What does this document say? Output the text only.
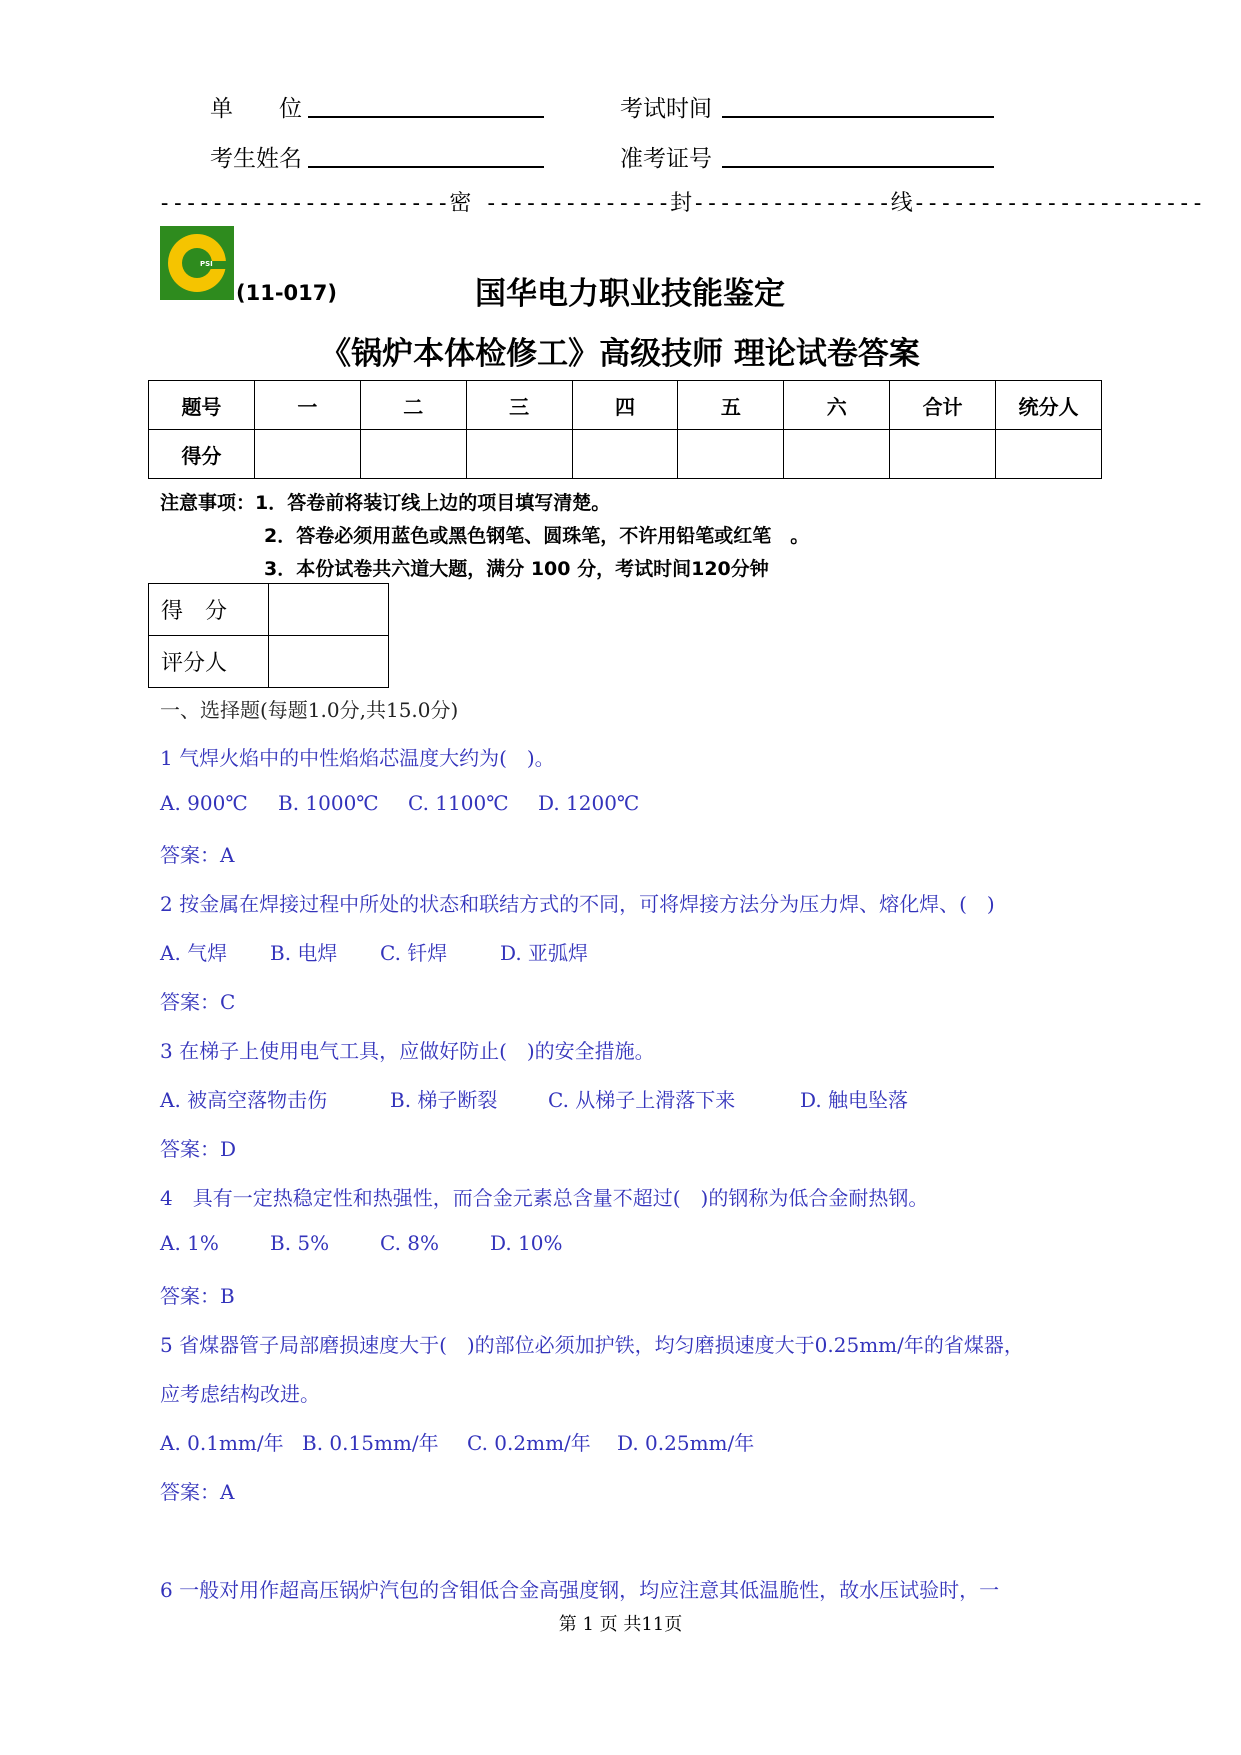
单　　位	考试时间
考生姓名	准考证号
----------------------密 --------------封---------------线----------------------
PSI
(11-017)	国华电力职业技能鉴定
《锅炉本体检修工》高级技师 理论试卷答案
题号	一	二	三	四	五	六	合计	统分人
得分								
注意事项：1．答卷前将装订线上边的项目填写清楚。
2．答卷必须用蓝色或黑色钢笔、圆珠笔，不许用铅笔或红笔　。
3．本份试卷共六道大题，满分 100 分，考试时间120分钟
得　分	
评分人	
一、选择题(每题1.0分,共15.0分)
1 气焊火焰中的中性焰焰芯温度大约为(　)。
A. 900℃ B. 1000℃ C. 1100℃ D. 1200℃
答案：A
2 按金属在焊接过程中所处的状态和联结方式的不同，可将焊接方法分为压力焊、熔化焊、(　)
A. 气焊 B. 电焊 C. 钎焊	D. 亚弧焊
答案：C
3 在梯子上使用电气工具，应做好防止(　)的安全措施。
A. 被高空落物击伤	B. 梯子断裂	C. 从梯子上滑落下来	D. 触电坠落
答案：D
4　具有一定热稳定性和热强性，而合金元素总含量不超过(　)的钢称为低合金耐热钢。
A. 1%	B. 5%	C. 8%	D. 10%
答案：B
5 省煤器管子局部磨损速度大于(　)的部位必须加护铁，均匀磨损速度大于0.25mm/年的省煤器，
应考虑结构改进。
A. 0.1mm/年 B. 0.15mm/年 C. 0.2mm/年 D. 0.25mm/年
答案：A
6 一般对用作超高压锅炉汽包的含钼低合金高强度钢，均应注意其低温脆性，故水压试验时，一
第 1 页 共11页
